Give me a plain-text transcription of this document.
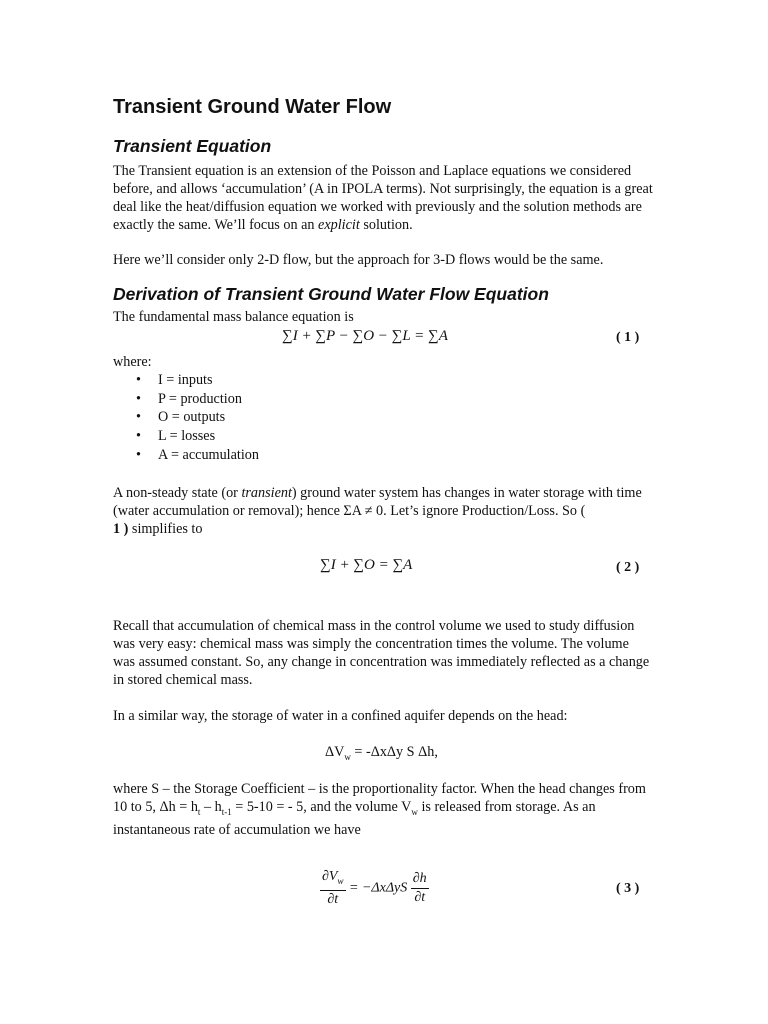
Transient Ground Water Flow
Transient Equation
The Transient equation is an extension of the Poisson and Laplace equations we considered before, and allows ‘accumulation’ (A in IPOLA terms). Not surprisingly, the equation is a great deal like the heat/diffusion equation we worked with previously and the solution methods are exactly the same. We’ll focus on an explicit solution.
Here we’ll consider only 2-D flow, but the approach for 3-D flows would be the same.
Derivation of Transient Ground Water Flow Equation
The fundamental mass balance equation is
∑I + ∑P − ∑O − ∑L = ∑A	( 1 )
where:
• I = inputs
• P = production
• O = outputs
• L = losses
• A = accumulation
A non-steady state (or transient) ground water system has changes in water storage with time (water accumulation or removal); hence ΣA ≠ 0. Let’s ignore Production/Loss. So (
1 ) simplifies to
∑I + ∑O = ∑A	( 2 )
Recall that accumulation of chemical mass in the control volume we used to study diffusion was very easy: chemical mass was simply the concentration times the volume. The volume was assumed constant. So, any change in concentration was immediately reflected as a change in stored chemical mass.
In a similar way, the storage of water in a confined aquifer depends on the head:
$\Delta V_w = -\Delta x\Delta y$ S Δh,
where S – the Storage Coefficient – is the proportionality factor. When the head changes from 10 to 5, $\Delta h = h_t - h_{t-1} = 5-10$ = - 5, and the volume $V_w$ is released from storage. As an instantaneous rate of accumulation we have
$\frac{\partial V_w}{\partial t} = -\Delta x\Delta yS \frac{\partial h}{\partial t}$	( 3 )
